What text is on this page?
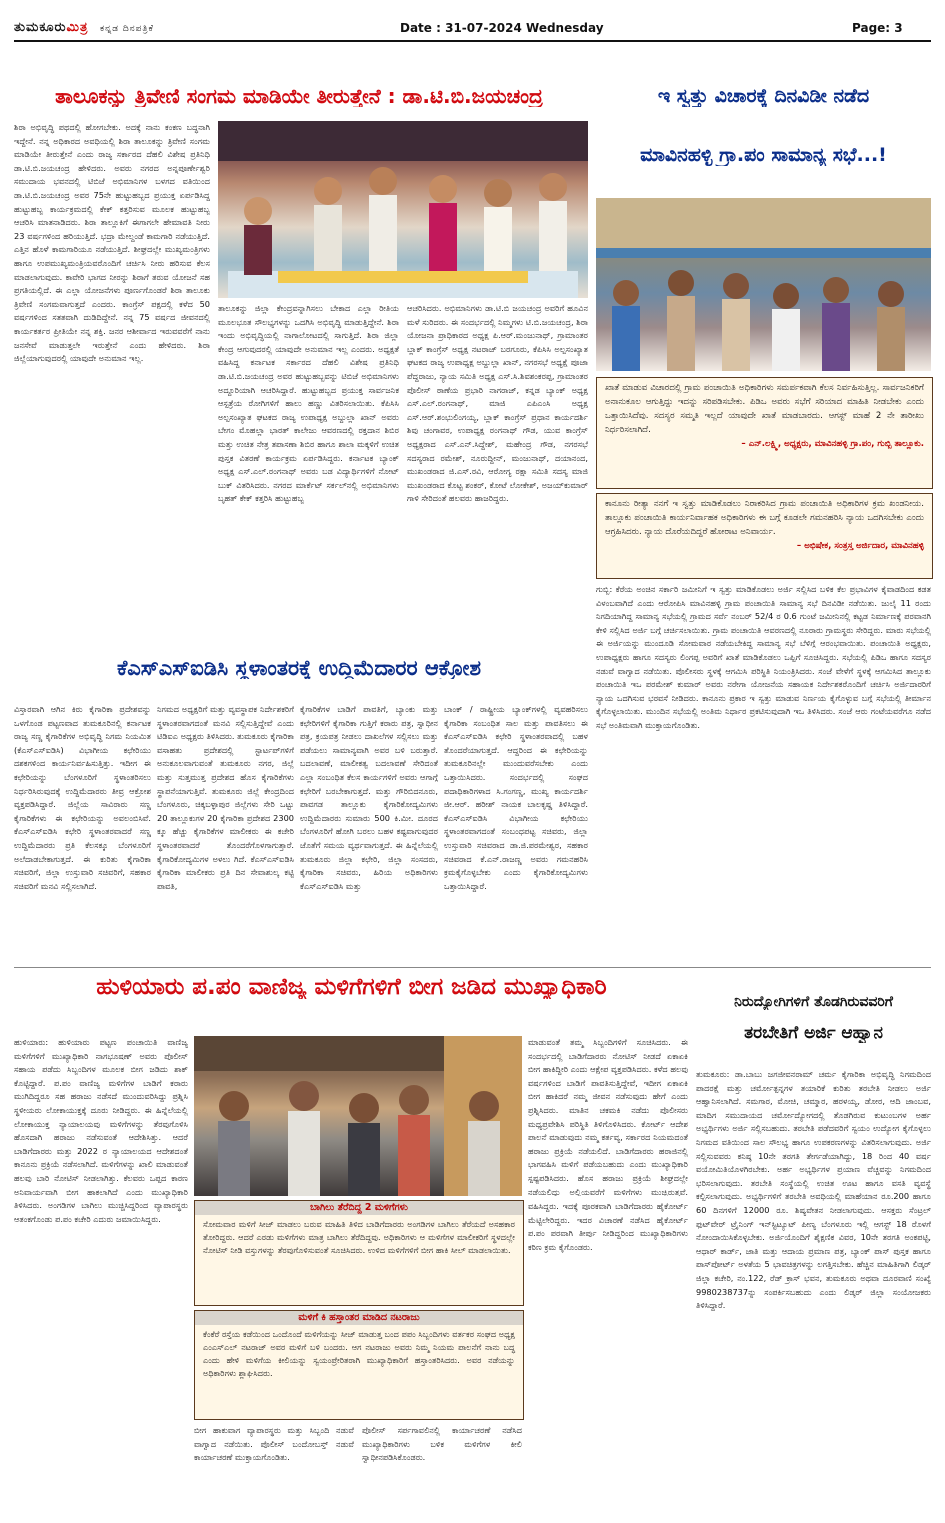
ತುಮಕೂರುಮಿತ್ರ ಕನ್ನಡ ದಿನಪತ್ರಿಕೆ	Date : 31-07-2024 Wednesday	Page: 3
ತಾಲೂಕನ್ನು ತ್ರಿವೇಣಿ ಸಂಗಮ ಮಾಡಿಯೇ ತೀರುತ್ತೇನೆ : ಡಾ.ಟಿ.ಬಿ.ಜಯಚಂದ್ರ

ಶಿರಾ ಅಭಿವೃದ್ಧಿ ಪಥದಲ್ಲಿ ಹೋಗಬೇಕು. ಅದಕ್ಕೆ ನಾನು ಕಂಕಣ ಬದ್ಧನಾಗಿ ಇದ್ದೇನೆ. ನನ್ನ ಅಧಿಕಾರದ ಅವಧಿಯಲ್ಲಿ ಶಿರಾ ತಾಲೂಕನ್ನು ತ್ರಿವೇಣಿ ಸಂಗಮ ಮಾಡಿಯೇ ತೀರುತ್ತೇನೆ ಎಂದು ರಾಜ್ಯ ಸರ್ಕಾರದ ದೆಹಲಿ ವಿಶೇಷ ಪ್ರತಿನಿಧಿ ಡಾ.ಟಿ.ಬಿ.ಜಯಚಂದ್ರ ಹೇಳಿದರು. ಅವರು ನಗರದ ಅನ್ನಪೂರ್ಣೇಶ್ವರಿ ಸಮುದಾಯ ಭವನದಲ್ಲಿ ಟಿಬಿಜೆ ಅಭಿಮಾನಿಗಳ ಬಳಗದ ವತಿಯಿಂದ ಡಾ.ಟಿ.ಬಿ.ಜಯಚಂದ್ರ ಅವರ 75ನೇ ಹುಟ್ಟುಹಬ್ಬದ ಪ್ರಯುಕ್ತ ಏರ್ಪಡಿಸಿದ್ದ ಹುಟ್ಟುಹಬ್ಬ ಕಾರ್ಯಕ್ರಮದಲ್ಲಿ ಕೇಕ್ ಕತ್ತರಿಸುವ ಮೂಲಕ ಹುಟ್ಟುಹಬ್ಬ ಆಚರಿಸಿ ಮಾತನಾಡಿದರು. ಶಿರಾ ತಾಲ್ಲೂಕಿಗೆ ಈಗಾಗಲೇ ಹೇಮಾವತಿ ನೀರು 23 ವರ್ಷಗಳಿಂದ ಹರಿಯುತ್ತಿದೆ. ಭದ್ರಾ ಮೇಲ್ದಂಡೆ ಕಾಮಗಾರಿ ನಡೆಯುತ್ತಿದೆ. ಎತ್ತಿನ ಹೊಳೆ ಕಾಮಗಾರಿಯೂ ನಡೆಯುತ್ತಿದೆ. ಶೀಘ್ರದಲ್ಲೇ ಮುಖ್ಯಮಂತ್ರಿಗಳು ಹಾಗೂ ಉಪಮುಖ್ಯಮಂತ್ರಿಯವರೊಂದಿಗೆ ಚರ್ಚಿಸಿ ನೀರು ಹರಿಸುವ ಕೆಲಸ ಮಾಡಲಾಗುವುದು. ಕಾವೇರಿ ಭಾಗದ ನೀರನ್ನು ಶಿರಾಗೆ ತರುವ ಯೋಜನೆ ಸಹ ಪ್ರಗತಿಯಲ್ಲಿದೆ. ಈ ಎಲ್ಲಾ ಯೋಜನೆಗಳು ಪೂರ್ಣಗೊಂಡರೆ ಶಿರಾ ತಾಲೂಕು ತ್ರಿವೇಣಿ ಸಂಗಮವಾಗುತ್ತದೆ ಎಂದರು. ಕಾಂಗ್ರೆಸ್ ಪಕ್ಷದಲ್ಲಿ ಕಳೆದ 50 ವರ್ಷಗಳಿಂದ ಸತತವಾಗಿ ದುಡಿದಿದ್ದೇನೆ. ನನ್ನ 75 ವರ್ಷದ ಜೀವನದಲ್ಲಿ ಕಾರ್ಯಕರ್ತರ ಪ್ರೀತಿಯೇ ನನ್ನ ಶಕ್ತಿ. ಜನರ ಆಶೀರ್ವಾದ ಇರುವವರೆಗೆ ನಾನು ಜನಸೇವೆ ಮಾಡುತ್ತಲೇ ಇರುತ್ತೇನೆ ಎಂದು ಹೇಳಿದರು. ಶಿರಾ ಜಿಲ್ಲೆಯಾಗುವುದರಲ್ಲಿ ಯಾವುದೇ ಅನುಮಾನ ಇಲ್ಲ.

ತಾಲೂಕನ್ನು ಜಿಲ್ಲಾ ಕೇಂದ್ರವನ್ನಾಗಿಸಲು ಬೇಕಾದ ಎಲ್ಲಾ ರೀತಿಯ ಮೂಲಭೂತ ಸೌಲಭ್ಯಗಳನ್ನು ಒದಗಿಸಿ ಅಭಿವೃದ್ಧಿ ಮಾಡುತ್ತಿದ್ದೇನೆ. ಶಿರಾ ಇಂದು ಅಭಿವೃದ್ಧಿಯಲ್ಲಿ ನಾಗಾಲೋಟದಲ್ಲಿ ಸಾಗುತ್ತಿದೆ. ಶಿರಾ ಜಿಲ್ಲಾ ಕೇಂದ್ರ ಆಗುವುದರಲ್ಲಿ ಯಾವುದೇ ಅನುಮಾನ ಇಲ್ಲ ಎಂದರು. ಅಧ್ಯಕ್ಷತೆ ವಹಿಸಿದ್ದ ಕರ್ನಾಟಕ ಸರ್ಕಾರದ ದೆಹಲಿ ವಿಶೇಷ ಪ್ರತಿನಿಧಿ ಡಾ.ಟಿ.ಬಿ.ಜಯಚಂದ್ರ ಅವರ ಹುಟ್ಟುಹಬ್ಬವನ್ನು ಟಿಬಿಜೆ ಅಭಿಮಾನಿಗಳು ಅದ್ದೂರಿಯಾಗಿ ಆಚರಿಸಿದ್ದಾರೆ. ಹುಟ್ಟುಹಬ್ಬದ ಪ್ರಯುಕ್ತ ಸಾರ್ವಜನಿಕ ಆಸ್ಪತ್ರೆಯ ರೋಗಿಗಳಿಗೆ ಹಾಲು ಹಣ್ಣು ವಿತರಿಸಲಾಯಿತು. ಕೆಪಿಸಿಸಿ ಅಲ್ಪಸಂಖ್ಯಾತ ಘಟಕದ ರಾಜ್ಯ ಉಪಾಧ್ಯಕ್ಷ ಅಬ್ದುಲ್ಲಾ ಖಾನ್ ಅವರು ಬೇಗಂ ಮೊಹಲ್ಲಾ ಭಾರತ್ ಕಾಲೇಜು ಆವರಣದಲ್ಲಿ ರಕ್ತದಾನ ಶಿಬಿರ ಮತ್ತು ಉಚಿತ ನೇತ್ರ ತಪಾಸಣಾ ಶಿಬಿರ ಹಾಗೂ ಶಾಲಾ ಮಕ್ಕಳಿಗೆ ಉಚಿತ ಪುಸ್ತಕ ವಿತರಣೆ ಕಾರ್ಯಕ್ರಮ ಏರ್ಪಡಿಸಿದ್ದರು. ಕರ್ನಾಟಕ ಬ್ಯಾಂಕ್ ಅಧ್ಯಕ್ಷ ಎಸ್.ಎಲ್.ರಂಗನಾಥ್ ಅವರು ಬಡ ವಿದ್ಯಾರ್ಥಿಗಳಿಗೆ ನೋಟ್ ಬುಕ್ ವಿತರಿಸಿದರು. ನಗರದ ಮಾರ್ಕೆಟ್ ಸರ್ಕಲ್‌ನಲ್ಲಿ ಅಭಿಮಾನಿಗಳು ಬೃಹತ್ ಕೇಕ್ ಕತ್ತರಿಸಿ ಹುಟ್ಟುಹಬ್ಬ

ಆಚರಿಸಿದರು. ಅಭಿಮಾನಿಗಳು ಡಾ.ಟಿ.ಬಿ ಜಯಚಂದ್ರ ಅವರಿಗೆ ಹೂವಿನ ಮಳೆ ಸುರಿದರು. ಈ ಸಂದರ್ಭದಲ್ಲಿ ನಿಮ್ಮಗಳು ಟಿ.ಬಿ.ಜಯಚಂದ್ರ, ಶಿರಾ ಯೋಜನಾ ಪ್ರಾಧಿಕಾರದ ಅಧ್ಯಕ್ಷ ಪಿ.ಆರ್.ಮಂಜುನಾಥ್, ಗ್ರಾಮಾಂತರ ಬ್ಲಾಕ್ ಕಾಂಗ್ರೆಸ್ ಅಧ್ಯಕ್ಷ ನಟರಾಜ್ ಬರಗೂರು, ಕೆಪಿಸಿಸಿ ಅಲ್ಪಸಂಖ್ಯಾತ ಘಟಕದ ರಾಜ್ಯ ಉಪಾಧ್ಯಕ್ಷ ಅಬ್ದುಲ್ಲಾ ಖಾನ್, ನಗರಸಭೆ ಅಧ್ಯಕ್ಷೆ ಪೂಜಾ ಪೆದ್ದರಾಜು, ನ್ಯಾಯ ಸಮಿತಿ ಅಧ್ಯಕ್ಷ ಎಸ್.ಸಿ.ಶಿವಶಂಕರಪ್ಪ, ಗ್ರಾಮಾಂತರ ಪೊಲೀಸ್ ಠಾಣೆಯ ಪ್ರಭಾರಿ ನಾಗರಾಜ್, ಕನ್ನಡ ಬ್ಯಾಂಕ್ ಅಧ್ಯಕ್ಷ ಎಸ್.ಎಲ್.ರಂಗನಾಥ್, ಮಾಜಿ ಎಪಿಎಂಸಿ ಅಧ್ಯಕ್ಷ ಎಸ್.ಆರ್.ಶಂಭುಲಿಂಗಯ್ಯ, ಬ್ಲಾಕ್ ಕಾಂಗ್ರೆಸ್ ಪ್ರಧಾನ ಕಾರ್ಯದರ್ಶಿ ಶಿವು ಚಂಗಾವರ, ಉಪಾಧ್ಯಕ್ಷ ರಂಗನಾಥ್ ಗೌಡ, ಯುವ ಕಾಂಗ್ರೆಸ್ ಅಧ್ಯಕ್ಷರಾದ ಎಸ್.ಎನ್.ಸಿದ್ದೇಶ್, ಮಹೇಂದ್ರ ಗೌಡ, ನಗರಸಭೆ ಸದಸ್ಯರಾದ ರಮೇಶ್, ನೂರುದ್ದೀನ್, ಮಂಜುನಾಥ್, ದಯಾನಂದ, ಮುಖಂಡರಾದ ಜಿ.ಎಸ್.ರವಿ, ಆರೋಗ್ಯ ರಕ್ಷಾ ಸಮಿತಿ ಸದಸ್ಯ ಮಾಜಿ ಮುಖಂಡರಾದ ಕೊಟ್ಟ ಶಂಕರ್, ಕೋಟೆ ಲೋಕೇಶ್, ಅಜಯ್‌ಕುಮಾರ್ ಗಾಳಿ ಸೇರಿದಂತೆ ಹಲವರು ಹಾಜರಿದ್ದರು.

ಇ ಸ್ವತ್ತು ವಿಚಾರಕ್ಕೆ ದಿನವಿಡೀ ನಡೆದ
ಮಾವಿನಹಳ್ಳಿ ಗ್ರಾ.ಪಂ ಸಾಮಾನ್ಯ ಸಭೆ...!
ಖಾತೆ ಮಾಡುವ ವಿಚಾರದಲ್ಲಿ ಗ್ರಾಮ ಪಂಚಾಯಿತಿ ಅಧಿಕಾರಿಗಳು ಸಮರ್ಪಕವಾಗಿ ಕೆಲಸ ನಿರ್ವಹಿಸುತ್ತಿಲ್ಲ. ಸಾರ್ವಜನಿಕರಿಗೆ ಅನಾನುಕೂಲ ಆಗುತ್ತಿದ್ದು ಇದನ್ನು ಸರಿಪಡಿಸಬೇಕು. ಪಿಡಿಒ ಅವರು ಸಭೆಗೆ ಸರಿಯಾದ ಮಾಹಿತಿ ನೀಡಬೇಕು ಎಂದು ಒತ್ತಾಯಿಸಿದೆವು. ಸದಸ್ಯರ ಸಮ್ಮತಿ ಇಲ್ಲದೆ ಯಾವುದೇ ಖಾತೆ ಮಾಡಬಾರದು. ಆಗಸ್ಟ್ ಮಾಹೆ 2 ನೇ ತಾರೀಖು ನಿರ್ಧರಿಸಲಾಗಿದೆ.
– ಎನ್.ಲಕ್ಷ್ಮಿ, ಅಧ್ಯಕ್ಷರು, ಮಾವಿನಹಳ್ಳಿ ಗ್ರಾ.ಪಂ, ಗುಬ್ಬಿ ತಾಲ್ಲೂಕು.
ಕಾನೂನು ರೀತ್ಯಾ ನನಗೆ ಇ ಸ್ವತ್ತು ಮಾಡಿಕೊಡಲು ನಿರಾಕರಿಸಿದ ಗ್ರಾಮ ಪಂಚಾಯಿತಿ ಅಧಿಕಾರಿಗಳ ಕ್ರಮ ಖಂಡನೀಯ. ತಾಲ್ಲೂಕು ಪಂಚಾಯಿತಿ ಕಾರ್ಯನಿರ್ವಾಹಕ ಅಧಿಕಾರಿಗಳು ಈ ಬಗ್ಗೆ ಕೂಡಲೇ ಗಮನಹರಿಸಿ ನ್ಯಾಯ ಒದಗಿಸಬೇಕು ಎಂದು ಆಗ್ರಹಿಸಿದರು. ನ್ಯಾಯ ದೊರೆಯದಿದ್ದರೆ ಹೋರಾಟ ಅನಿವಾರ್ಯ.
– ಅಭಿಷೇಕ, ಸಂತ್ರಸ್ತ ಅರ್ಜಿದಾರ, ಮಾವಿನಹಳ್ಳಿ

ಗುಬ್ಬಿ: ಕೆರೆಯ ಅಂಚಿನ ಸರ್ಕಾರಿ ಜಮೀನಿಗೆ ಇ ಸ್ವತ್ತು ಮಾಡಿಕೊಡಲು ಅರ್ಜಿ ಸಲ್ಲಿಸಿದ ಬಳಿಕ ಕೆಲ ಪ್ರಭಾವಿಗಳ ಕೈವಾಡದಿಂದ ಕಡತ ವಿಳಂಬವಾಗಿದೆ ಎಂದು ಆರೋಪಿಸಿ ಮಾವಿನಹಳ್ಳಿ ಗ್ರಾಮ ಪಂಚಾಯಿತಿ ಸಾಮಾನ್ಯ ಸಭೆ ದಿನವಿಡೀ ನಡೆಯಿತು. ಜುಲೈ 11 ರಂದು ನಿಗದಿಯಾಗಿದ್ದ ಸಾಮಾನ್ಯ ಸಭೆಯಲ್ಲಿ ಗ್ರಾಮದ ಸರ್ವೆ ನಂಬರ್ 52/4 ರ 0.6 ಗುಂಟೆ ಜಮೀನಿನಲ್ಲಿ ಕಟ್ಟಡ ನಿರ್ಮಾಣಕ್ಕೆ ಪರವಾನಗಿ ಕೇಳಿ ಸಲ್ಲಿಸಿದ ಅರ್ಜಿ ಬಗ್ಗೆ ಚರ್ಚಿಸಲಾಯಿತು. ಗ್ರಾಮ ಪಂಚಾಯಿತಿ ಆವರಣದಲ್ಲಿ ನೂರಾರು ಗ್ರಾಮಸ್ಥರು ಸೇರಿದ್ದರು. ಮಾರು ಸಭೆಯಲ್ಲಿ ಈ ಅರ್ಜಿಯನ್ನು ಮುಂದೂಡಿ ಸೋಮವಾರ ನಡೆಯಬೇಕಿದ್ದ ಸಾಮಾನ್ಯ ಸಭೆ ಬೆಳಿಗ್ಗೆ ಆರಂಭವಾಯಿತು. ಪಂಚಾಯಿತಿ ಅಧ್ಯಕ್ಷರು, ಉಪಾಧ್ಯಕ್ಷರು ಹಾಗೂ ಸದಸ್ಯರು ಲಿಂಗಪ್ಪ ಅವರಿಗೆ ಖಾತೆ ಮಾಡಿಕೊಡಲು ಒಪ್ಪಿಗೆ ಸೂಚಿಸಿದ್ದರು. ಸಭೆಯಲ್ಲಿ ಪಿಡಿಒ ಹಾಗೂ ಸದಸ್ಯರ ನಡುವೆ ವಾಗ್ವಾದ ನಡೆಯಿತು. ಪೊಲೀಸರು ಸ್ಥಳಕ್ಕೆ ಆಗಮಿಸಿ ಪರಿಸ್ಥಿತಿ ನಿಯಂತ್ರಿಸಿದರು. ಸಂಜೆ ವೇಳೆಗೆ ಸ್ಥಳಕ್ಕೆ ಆಗಮಿಸಿದ ತಾಲ್ಲೂಕು ಪಂಚಾಯಿತಿ ಇಒ ಪರಮೇಶ್ ಕುಮಾರ್ ಅವರು ನರೇಗಾ ಯೋಜನೆಯ ಸಹಾಯಕ ನಿರ್ದೇಶಕರೊಂದಿಗೆ ಚರ್ಚಿಸಿ ಅರ್ಜಿದಾರರಿಗೆ ನ್ಯಾಯ ಒದಗಿಸುವ ಭರವಸೆ ನೀಡಿದರು. ಕಾನೂನು ಪ್ರಕಾರ ಇ ಸ್ವತ್ತು ಮಾಡುವ ನಿರ್ಣಯ ಕೈಗೊಳ್ಳುವ ಬಗ್ಗೆ ಸಭೆಯಲ್ಲಿ ತೀರ್ಮಾನ ಕೈಗೊಳ್ಳಲಾಯಿತು. ಮುಂದಿನ ಸಭೆಯಲ್ಲಿ ಅಂತಿಮ ನಿರ್ಧಾರ ಪ್ರಕಟಿಸುವುದಾಗಿ ಇಒ ತಿಳಿಸಿದರು. ಸಂಜೆ ಆರು ಗಂಟೆಯವರೆಗೂ ನಡೆದ ಸಭೆ ಅಂತಿಮವಾಗಿ ಮುಕ್ತಾಯಗೊಂಡಿತು.

ಕೆಎಸ್ಎಸ್ಐಡಿಸಿ ಸ್ಥಳಾಂತರಕ್ಕೆ ಉದ್ದಿಮೆದಾರರ ಆಕ್ರೋಶ

ವಿಸ್ತಾರವಾಗಿ ಆಗಿನ ಕಿರು ಕೈಗಾರಿಕಾ ಪ್ರದೇಶವನ್ನು ಒಳಗೊಂಡ ಪಟ್ಟಣವಾದ ತುಮಕೂರಿನಲ್ಲಿ ಕರ್ನಾಟಕ ರಾಜ್ಯ ಸಣ್ಣ ಕೈಗಾರಿಕೆಗಳ ಅಭಿವೃದ್ಧಿ ನಿಗಮ ನಿಯಮಿತ (ಕೆಎಸ್ಎಸ್ಐಡಿಸಿ) ವಿಭಾಗೀಯ ಕಛೇರಿಯು ದಶಕಗಳಿಂದ ಕಾರ್ಯನಿರ್ವಹಿಸುತ್ತಿತ್ತು. ಇದೀಗ ಈ ಕಛೇರಿಯನ್ನು ಬೆಂಗಳೂರಿಗೆ ಸ್ಥಳಾಂತರಿಸಲು ನಿರ್ಧರಿಸಿರುವುದಕ್ಕೆ ಉದ್ದಿಮೆದಾರರು ತೀವ್ರ ಆಕ್ರೋಶ ವ್ಯಕ್ತಪಡಿಸಿದ್ದಾರೆ. ಜಿಲ್ಲೆಯ ಸಾವಿರಾರು ಸಣ್ಣ ಕೈಗಾರಿಕೆಗಳು ಈ ಕಛೇರಿಯನ್ನು ಅವಲಂಬಿಸಿವೆ. ಕೆಎಸ್ಎಸ್ಐಡಿಸಿ ಕಛೇರಿ ಸ್ಥಳಾಂತರವಾದರೆ ಸಣ್ಣ ಉದ್ದಿಮೆದಾರರು ಪ್ರತಿ ಕೆಲಸಕ್ಕೂ ಬೆಂಗಳೂರಿಗೆ ಅಲೆದಾಡಬೇಕಾಗುತ್ತದೆ. ಈ ಕುರಿತು ಕೈಗಾರಿಕಾ ಸಚಿವರಿಗೆ, ಜಿಲ್ಲಾ ಉಸ್ತುವಾರಿ ಸಚಿವರಿಗೆ, ಸಹಕಾರ ಸಚಿವರಿಗೆ ಮನವಿ ಸಲ್ಲಿಸಲಾಗಿದೆ.

ನಿಗಮದ ಅಧ್ಯಕ್ಷರಿಗೆ ಮತ್ತು ವ್ಯವಸ್ಥಾಪಕ ನಿರ್ದೇಶಕರಿಗೆ ಸ್ಥಳಾಂತರವಾಗದಂತೆ ಮನವಿ ಸಲ್ಲಿಸುತ್ತಿದ್ದೇವೆ ಎಂದು ಟಿಡಿಐಎ ಅಧ್ಯಕ್ಷರು ತಿಳಿಸಿದರು. ತುಮಕೂರು ಕೈಗಾರಿಕಾ ವಸಾಹತು ಪ್ರದೇಶದಲ್ಲಿ ಸ್ಟಾರ್ಟಪ್‌ಗಳಿಗೆ ಅನುಕೂಲವಾಗುವಂತೆ ತುಮಕೂರು ನಗರ, ಜಿಲ್ಲೆ ಮತ್ತು ಸುತ್ತಮುತ್ತ ಪ್ರದೇಶದ ಹೊಸ ಕೈಗಾರಿಕೆಗಳು ಸ್ಥಾಪನೆಯಾಗುತ್ತಿವೆ. ತುಮಕೂರು ಜಿಲ್ಲೆ ಕೇಂದ್ರದಿಂದ ಬೆಂಗಳೂರು, ಚಿಕ್ಕಬಳ್ಳಾಪುರ ಜಿಲ್ಲೆಗಳು ಸೇರಿ ಒಟ್ಟು 20 ತಾಲ್ಲೂಕುಗಳ 20 ಕೈಗಾರಿಕಾ ಪ್ರದೇಶದ 2300 ಕ್ಕೂ ಹೆಚ್ಚು ಕೈಗಾರಿಕೆಗಳ ಮಾಲೀಕರು ಈ ಕಚೇರಿ ಸ್ಥಳಾಂತರವಾದರೆ ತೊಂದರೆಗೊಳಗಾಗುತ್ತಾರೆ. ಕೈಗಾರಿಕೋದ್ಯಮಿಗಳ ಅಳಲು ಗಿದೆ. ಕೆಎಸ್ಎಸ್ಐಡಿಸಿ ಕೈಗಾರಿಕಾ ಮಾಲೀಕರು ಪ್ರತಿ ದಿನ ಸೇವಾಶುಲ್ಕ ಕಟ್ಟಿ ಪಾವತಿ,

ಕೈಗಾರಿಕೆಗಳ ಬಾಡಿಗೆ ಪಾವತಿಗೆ, ಬ್ಯಾಂಕು ಮತ್ತು ಕಛೇರಿಗಳಿಗೆ ಕೈಗಾರಿಕಾ ಗುತ್ತಿಗೆ ಕರಾರು ಪತ್ರ, ಸ್ವಾಧೀನ ಪತ್ರ, ಕ್ರಯಪತ್ರ ನೀಡಲು ದಾಖಲೆಗಳ ಸಲ್ಲಿಸಲು ಮತ್ತು ಪಡೆಯಲು ಸಾಮಾನ್ಯವಾಗಿ ಅವರ ಬಳಿ ಬರುತ್ತಾರೆ. ಬದಲಾವಣೆ, ಮಾಲೀಕತ್ವ ಬದಲಾವಣೆ ಸೇರಿದಂತೆ ಎಲ್ಲಾ ಸಂಬಂಧಿತ ಕೆಲಸ ಕಾರ್ಯಗಳಿಗೆ ಅವರು ಆಗಾಗ್ಗೆ ಕಛೇರಿಗೆ ಬರಬೇಕಾಗುತ್ತದೆ. ಮತ್ತು ಗೌರಿಬಿದನೂರು, ಪಾವಗಡ ತಾಲ್ಲೂಕು ಕೈಗಾರಿಕೋದ್ಯಮಿಗಳು ಉದ್ದಿಮೆದಾರರು ಸುಮಾರು 500 ಕಿ.ಮೀ. ದೂರದ ಬೆಂಗಳೂರಿಗೆ ಹೋಗಿ ಬರಲು ಬಹಳ ಕಷ್ಟವಾಗುವುದರ ಜೊತೆಗೆ ಸಮಯ ವ್ಯರ್ಥವಾಗುತ್ತದೆ. ಈ ಹಿನ್ನೆಲೆಯಲ್ಲಿ ತುಮಕೂರು ಜಿಲ್ಲಾ ಕಛೇರಿ, ಜಿಲ್ಲಾ ಸಂಸದರು, ಕೈಗಾರಿಕಾ ಸಚಿವರು, ಹಿರಿಯ ಅಧಿಕಾರಿಗಳು ಕೆಎಸ್ಎಸ್ಐಡಿಸಿ ಮತ್ತು

ಬಾಂಕ್ / ರಾಷ್ಟ್ರೀಯ ಬ್ಯಾಂಕ್‌ಗಳಲ್ಲಿ ವ್ಯವಹರಿಸಲು ಕೈಗಾರಿಕಾ ಸಂಬಂಧಿತ ಸಾಲ ಮತ್ತು ಪಾವತಿಸಲು ಈ ಕೆಎಸ್ಎಸ್ಐಡಿಸಿ ಕಛೇರಿ ಸ್ಥಳಾಂತರವಾದಲ್ಲಿ ಬಹಳ ತೊಂದರೆಯಾಗುತ್ತದೆ. ಆದ್ದರಿಂದ ಈ ಕಛೇರಿಯನ್ನು ತುಮಕೂರಿನಲ್ಲೇ ಮುಂದುವರೆಸಬೇಕು ಎಂದು ಒತ್ತಾಯಿಸಿದರು. ಸಂದರ್ಭದಲ್ಲಿ ಸಂಘದ ಪದಾಧಿಕಾರಿಗಳಾದ ಸಿ.ಗಂಗಣ್ಣ, ಮುಖ್ಯ ಕಾರ್ಯದರ್ಶಿ ಜೀ.ಆರ್. ಹರೀಶ್ ನಾಯಕ ಬಾಲಕೃಷ್ಣ ತಿಳಿಸಿದ್ದಾರೆ. ಕೆಎಸ್ಎಸ್ಐಡಿಸಿ ವಿಭಾಗೀಯ ಕಛೇರಿಯು ಸ್ಥಳಾಂತರವಾಗದಂತೆ ಸಂಬಂಧಪಟ್ಟ ಸಚಿವರು, ಜಿಲ್ಲಾ ಉಸ್ತುವಾರಿ ಸಚಿವರಾದ ಡಾ.ಜಿ.ಪರಮೇಶ್ವರ, ಸಹಕಾರ ಸಚಿವರಾದ ಕೆ.ಎನ್.ರಾಜಣ್ಣ ಅವರು ಗಮನಹರಿಸಿ ಕ್ರಮಕೈಗೊಳ್ಳಬೇಕು ಎಂದು ಕೈಗಾರಿಕೋದ್ಯಮಿಗಳು ಒತ್ತಾಯಿಸಿದ್ದಾರೆ.

ಹುಳಿಯಾರು ಪ.ಪಂ ವಾಣಿಜ್ಯ ಮಳಿಗೆಗಳಿಗೆ ಬೀಗ ಜಡಿದ ಮುಖ್ಯಾಧಿಕಾರಿ

ಹುಳಿಯಾರು: ಹುಳಿಯಾರು ಪಟ್ಟಣ ಪಂಚಾಯಿತಿ ವಾಣಿಜ್ಯ ಮಳಿಗೆಗಳಿಗೆ ಮುಖ್ಯಾಧಿಕಾರಿ ನಾಗಭೂಷಣ್ ಅವರು ಪೊಲೀಸ್ ಸಹಾಯ ಪಡೆದು ಸಿಬ್ಬಂದಿಗಳ ಮೂಲಕ ಬೀಗ ಜಡಿದು ಶಾಕ್ ಕೊಟ್ಟಿದ್ದಾರೆ. ಪ.ಪಂ ವಾಣಿಜ್ಯ ಮಳಿಗೆಗಳ ಬಾಡಿಗೆ ಕರಾರು ಮುಗಿದಿದ್ದರೂ ಸಹ ಹರಾಜು ನಡೆಸದೆ ಮುಂದುವರಿಸಿದ್ದು ಪ್ರಶ್ನಿಸಿ ಸ್ಥಳೀಯರು ಲೋಕಾಯುಕ್ತಕ್ಕೆ ದೂರು ನೀಡಿದ್ದರು. ಈ ಹಿನ್ನೆಲೆಯಲ್ಲಿ ಲೋಕಾಯುಕ್ತ ನ್ಯಾಯಾಲಯವು ಮಳಿಗೆಗಳನ್ನು ತೆರವುಗೊಳಿಸಿ ಹೊಸದಾಗಿ ಹರಾಜು ನಡೆಸುವಂತೆ ಆದೇಶಿಸಿತ್ತು. ಆದರೆ ಬಾಡಿಗೆದಾರರು ಮತ್ತು 2022 ರ ನ್ಯಾಯಾಲಯದ ಆದೇಶದಂತೆ ಕಾನೂನು ಪ್ರಕ್ರಿಯೆ ನಡೆಸಲಾಗಿದೆ. ಮಳಿಗೆಗಳನ್ನು ಖಾಲಿ ಮಾಡುವಂತೆ ಹಲವು ಬಾರಿ ನೋಟಿಸ್ ನೀಡಲಾಗಿತ್ತು. ಕೆಲವರು ಒಪ್ಪದ ಕಾರಣ ಅನಿವಾರ್ಯವಾಗಿ ಬೀಗ ಹಾಕಲಾಗಿದೆ ಎಂದು ಮುಖ್ಯಾಧಿಕಾರಿ ತಿಳಿಸಿದರು. ಅಂಗಡಿಗಳ ಬಾಗಿಲು ಮುಚ್ಚಿಸಿದ್ದರಿಂದ ವ್ಯಾಪಾರಸ್ಥರು ಆತಂಕಗೊಂಡು ಪ.ಪಂ ಕಚೇರಿ ಎದುರು ಜಮಾಯಿಸಿದ್ದರು.

ಮಾಡುವಂತೆ ತಮ್ಮ ಸಿಬ್ಬಂದಿಗಳಿಗೆ ಸೂಚಿಸಿದರು. ಈ ಸಂದರ್ಭದಲ್ಲಿ ಬಾಡಿಗೆದಾರರು ನೋಟಿಸ್ ನೀಡದೆ ಏಕಾಏಕಿ ಬೀಗ ಹಾಕಿದ್ದೀರಿ ಎಂದು ಆಕ್ಷೇಪ ವ್ಯಕ್ತಪಡಿಸಿದರು. ಕಳೆದ ಹಲವು ವರ್ಷಗಳಿಂದ ಬಾಡಿಗೆ ಪಾವತಿಸುತ್ತಿದ್ದೇವೆ, ಇದೀಗ ಏಕಾಏಕಿ ಬೀಗ ಹಾಕಿದರೆ ನಮ್ಮ ಜೀವನ ನಡೆಸುವುದು ಹೇಗೆ ಎಂದು ಪ್ರಶ್ನಿಸಿದರು. ಮಾತಿನ ಚಕಮಕಿ ನಡೆದು ಪೊಲೀಸರು ಮಧ್ಯಪ್ರವೇಶಿಸಿ ಪರಿಸ್ಥಿತಿ ತಿಳಿಗೊಳಿಸಿದರು. ಕೋರ್ಟ್ ಆದೇಶ ಪಾಲನೆ ಮಾಡುವುದು ನಮ್ಮ ಕರ್ತವ್ಯ, ಸರ್ಕಾರದ ನಿಯಮದಂತೆ ಹರಾಜು ಪ್ರಕ್ರಿಯೆ ನಡೆಯಲಿದೆ. ಬಾಡಿಗೆದಾರರು ಹರಾಜಿನಲ್ಲಿ ಭಾಗವಹಿಸಿ ಮಳಿಗೆ ಪಡೆಯಬಹುದು ಎಂದು ಮುಖ್ಯಾಧಿಕಾರಿ ಸ್ಪಷ್ಟಪಡಿಸಿದರು. ಹೊಸ ಹರಾಜು ಪ್ರಕ್ರಿಯೆ ಶೀಘ್ರದಲ್ಲೇ ನಡೆಯಲಿದ್ದು ಅಲ್ಲಿಯವರೆಗೆ ಮಳಿಗೆಗಳು ಮುಚ್ಚಿರುತ್ತವೆ.

ಬಾಗಿಲು ತೆರೆದಿದ್ದ 2 ಮಳಿಗೆಗಳು
ಸೋಮವಾರ ಮಳಿಗೆ ಸೀಜ್ ಮಾಡಲು ಬರುವ ಮಾಹಿತಿ ತಿಳಿದ ಬಾಡಿಗೆದಾರರು ಅಂಗಡಿಗಳ ಬಾಗಿಲು ತೆರೆಯದೆ ಅಸಹಕಾರ ತೋರಿದ್ದರು. ಆದರೆ ಎರಡು ಮಳಿಗೆಗಳು ಮಾತ್ರ ಬಾಗಿಲು ತೆರೆದಿದ್ದವು. ಅಧಿಕಾರಿಗಳು ಆ ಮಳಿಗೆಗಳ ಮಾಲೀಕರಿಗೆ ಸ್ಥಳದಲ್ಲೇ ನೋಟಿಸ್ ನೀಡಿ ವಸ್ತುಗಳನ್ನು ತೆರವುಗೊಳಿಸುವಂತೆ ಸೂಚಿಸಿದರು. ಉಳಿದ ಮಳಿಗೆಗಳಿಗೆ ಬೀಗ ಹಾಕಿ ಸೀಲ್ ಮಾಡಲಾಯಿತು.
ಮಳಿಗೆ ಕಿ ಹಸ್ತಾಂತರ ಮಾಡಿದ ನಟರಾಜು
ಕೆಂಕೆರೆ ರಸ್ತೆಯ ಕಡೆಯಿಂದ ಒಂದೊಂದೆ ಮಳಿಗೆಯನ್ನು ಸೀಜ್ ಮಾಡುತ್ತ ಬಂದ ಪಪಂ ಸಿಬ್ಬಂದಿಗಳು ವರ್ತಕರ ಸಂಘದ ಅಧ್ಯಕ್ಷ ಎಂಎಸ್ಎಲ್ ನಟರಾಜ್ ಅವರ ಮಳಿಗೆ ಬಳಿ ಬಂದರು. ಆಗ ನಟರಾಜು ಅವರು ನಿಮ್ಮ ನಿಯಮ ಪಾಲನೆಗೆ ನಾನು ಬದ್ಧ ಎಂದು ಹೇಳಿ ಮಳಿಗೆಯ ಕೀಲಿಯನ್ನು ಸ್ವಯಂಪ್ರೇರಿತರಾಗಿ ಮುಖ್ಯಾಧಿಕಾರಿಗೆ ಹಸ್ತಾಂತರಿಸಿದರು. ಅವರ ನಡೆಯನ್ನು ಅಧಿಕಾರಿಗಳು ಶ್ಲಾಘಿಸಿದರು.

ವಹಿಸಿದ್ದರು. ಇದಕ್ಕೆ ಪೂರಕವಾಗಿ ಬಾಡಿಗೆದಾರರು ಹೈಕೋರ್ಟ್ ಮೆಟ್ಟಿಲೇರಿದ್ದರು. ಇದರ ವಿಚಾರಣೆ ನಡೆಸಿದ ಹೈಕೋರ್ಟ್ ಪ.ಪಂ ಪರವಾಗಿ ತೀರ್ಪು ನೀಡಿದ್ದರಿಂದ ಮುಖ್ಯಾಧಿಕಾರಿಗಳು ಕಠಿಣ ಕ್ರಮ ಕೈಗೊಂಡರು.

ಬೀಗ ಹಾಕುವಾಗ ವ್ಯಾಪಾರಸ್ಥರು ಮತ್ತು ಸಿಬ್ಬಂದಿ ನಡುವೆ ವಾಗ್ವಾದ ನಡೆಯಿತು. ಪೊಲೀಸ್ ಬಂದೋಬಸ್ತ್ ನಡುವೆ ಕಾರ್ಯಾಚರಣೆ ಮುಕ್ತಾಯಗೊಂಡಿತು.

ಪೊಲೀಸ್ ಸರ್ಪಗಾವಲಿನಲ್ಲಿ ಕಾರ್ಯಾಚರಣೆ ನಡೆಸಿದ ಮುಖ್ಯಾಧಿಕಾರಿಗಳು ಬಳಿಕ ಮಳಿಗೆಗಳ ಕೀಲಿ ಸ್ವಾಧೀನಪಡಿಸಿಕೊಂಡರು.

ನಿರುದ್ಯೋಗಿಗಳಿಗೆ ತೊಡಗಿರುವವರಿಗೆ
ತರಬೇತಿಗೆ ಅರ್ಜಿ ಆಹ್ವಾನ

ತುಮಕೂರು: ಡಾ.ಬಾಬು ಜಗಜೀವನರಾಮ್ ಚರ್ಮ ಕೈಗಾರಿಕಾ ಅಭಿವೃದ್ಧಿ ನಿಗಮದಿಂದ ಪಾದರಕ್ಷೆ ಮತ್ತು ಚರ್ಮೋತ್ಪನ್ನಗಳ ತಯಾರಿಕೆ ಕುರಿತು ತರಬೇತಿ ನೀಡಲು ಅರ್ಜಿ ಆಹ್ವಾನಿಸಲಾಗಿದೆ. ಸಮಗಾರ, ಮೋಚಿ, ಚಮ್ಮಾರ, ಹರಳಯ್ಯ, ಡೋರ, ಆದಿ ಜಾಂಬವ, ಮಾದಿಗ ಸಮುದಾಯದ ಚರ್ಮೋದ್ಯೋಗದಲ್ಲಿ ತೊಡಗಿರುವ ಕುಟುಂಬಗಳ ಅರ್ಹ ಅಭ್ಯರ್ಥಿಗಳು ಅರ್ಜಿ ಸಲ್ಲಿಸಬಹುದು. ತರಬೇತಿ ಪಡೆದವರಿಗೆ ಸ್ವಯಂ ಉದ್ಯೋಗ ಕೈಗೊಳ್ಳಲು ನಿಗಮದ ವತಿಯಿಂದ ಸಾಲ ಸೌಲಭ್ಯ ಹಾಗೂ ಉಪಕರಣಗಳನ್ನು ವಿತರಿಸಲಾಗುವುದು. ಅರ್ಜಿ ಸಲ್ಲಿಸುವವರು ಕನಿಷ್ಠ 10ನೇ ತರಗತಿ ತೇರ್ಗಡೆಯಾಗಿದ್ದು, 18 ರಿಂದ 40 ವರ್ಷ ವಯೋಮಿತಿಯೊಳಗಿರಬೇಕು. ಅರ್ಹ ಅಭ್ಯರ್ಥಿಗಳ ಪ್ರಯಾಣ ವೆಚ್ಚವನ್ನು ನಿಗಮದಿಂದ ಭರಿಸಲಾಗುವುದು. ತರಬೇತಿ ಸಂಸ್ಥೆಯಲ್ಲಿ ಉಚಿತ ಊಟ ಹಾಗೂ ವಸತಿ ವ್ಯವಸ್ಥೆ ಕಲ್ಪಿಸಲಾಗುವುದು. ಅಭ್ಯರ್ಥಿಗಳಿಗೆ ತರಬೇತಿ ಅವಧಿಯಲ್ಲಿ ಮಾಹೆಯಾನ ರೂ.200 ಹಾಗೂ 60 ದಿನಗಳಿಗೆ 12000 ರೂ. ಶಿಷ್ಯವೇತನ ನೀಡಲಾಗುವುದು. ಆಸಕ್ತರು ಸೆಂಟ್ರಲ್ ಫುಟ್‌ವೇರ್ ಟ್ರೈನಿಂಗ್ ಇನ್‌ಸ್ಟಿಟ್ಯೂಟ್ ಪೀಣ್ಯ ಬೆಂಗಳೂರು ಇಲ್ಲಿ ಆಗಸ್ಟ್ 18 ರೊಳಗೆ ನೋಂದಾಯಿಸಿಕೊಳ್ಳಬೇಕು. ಅರ್ಜಿಯೊಂದಿಗೆ ಶೈಕ್ಷಣಿಕ ವಿವರ, 10ನೇ ತರಗತಿ ಅಂಕಪಟ್ಟಿ, ಆಧಾರ್ ಕಾರ್ಡ್, ಜಾತಿ ಮತ್ತು ಆದಾಯ ಪ್ರಮಾಣ ಪತ್ರ, ಬ್ಯಾಂಕ್ ಪಾಸ್ ಪುಸ್ತಕ ಹಾಗೂ ಪಾಸ್‌ಪೋರ್ಟ್ ಅಳತೆಯ 5 ಭಾವಚಿತ್ರಗಳನ್ನು ಲಗತ್ತಿಸಬೇಕು. ಹೆಚ್ಚಿನ ಮಾಹಿತಿಗಾಗಿ ಲಿಡ್ಕರ್ ಜಿಲ್ಲಾ ಕಚೇರಿ, ನಂ.122, ರೆಡ್ ಕ್ರಾಸ್ ಭವನ, ತುಮಕೂರು ಅಥವಾ ದೂರವಾಣಿ ಸಂಖ್ಯೆ 9980238737ನ್ನು ಸಂಪರ್ಕಿಸಬಹುದು ಎಂದು ಲಿಡ್ಕರ್ ಜಿಲ್ಲಾ ಸಂಯೋಜಕರು ತಿಳಿಸಿದ್ದಾರೆ.
